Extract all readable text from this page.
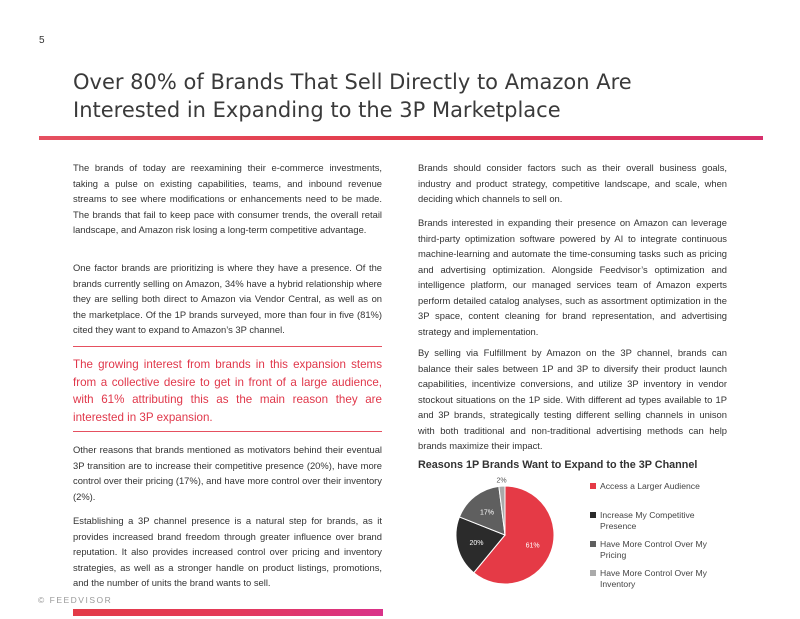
5
Over 80% of Brands That Sell Directly to Amazon Are Interested in Expanding to the 3P Marketplace

The brands of today are reexamining their e-commerce investments, taking a pulse on existing capabilities, teams, and inbound revenue streams to see where modifications or enhancements need to be made. The brands that fail to keep pace with consumer trends, the overall retail landscape, and Amazon risk losing a long-term competitive advantage.

One factor brands are prioritizing is where they have a presence. Of the brands currently selling on Amazon, 34% have a hybrid relationship where they are selling both direct to Amazon via Vendor Central, as well as on the marketplace. Of the 1P brands surveyed, more than four in five (81%) cited they want to expand to Amazon’s 3P channel.

The growing interest from brands in this expansion stems from a collective desire to get in front of a large audience, with 61% attributing this as the main reason they are interested in 3P expansion.

Other reasons that brands mentioned as motivators behind their eventual 3P transition are to increase their competitive presence (20%), have more control over their pricing (17%), and have more control over their inventory (2%).

Establishing a 3P channel presence is a natural step for brands, as it provides increased brand freedom through greater influence over brand reputation. It also provides increased control over pricing and inventory strategies, as well as a stronger handle on product listings, promotions, and the number of units the brand wants to sell.

Brands should consider factors such as their overall business goals, industry and product strategy, competitive landscape, and scale, when deciding which channels to sell on.

Brands interested in expanding their presence on Amazon can leverage third-party optimization software powered by AI to integrate continuous machine-learning and automate the time-consuming tasks such as pricing and advertising optimization. Alongside Feedvisor’s optimization and intelligence platform, our managed services team of Amazon experts perform detailed catalog analyses, such as assortment optimization in the 3P space, content cleaning for brand representation, and advertising strategy and implementation.

By selling via Fulfillment by Amazon on the 3P channel, brands can balance their sales between 1P and 3P to diversify their product launch capabilities, incentivize conversions, and utilize 3P inventory in vendor stockout situations on the 1P side. With different ad types available to 1P and 3P brands, strategically testing different selling channels in unison with both traditional and non-traditional advertising methods can help brands maximize their impact.

Reasons 1P Brands Want to Expand to the 3P Channel

61%
20%
17%
2%	Access a Larger Audience
Increase My Competitive Presence
Have More Control Over My Pricing
Have More Control Over My Inventory
© FEEDVISOR
